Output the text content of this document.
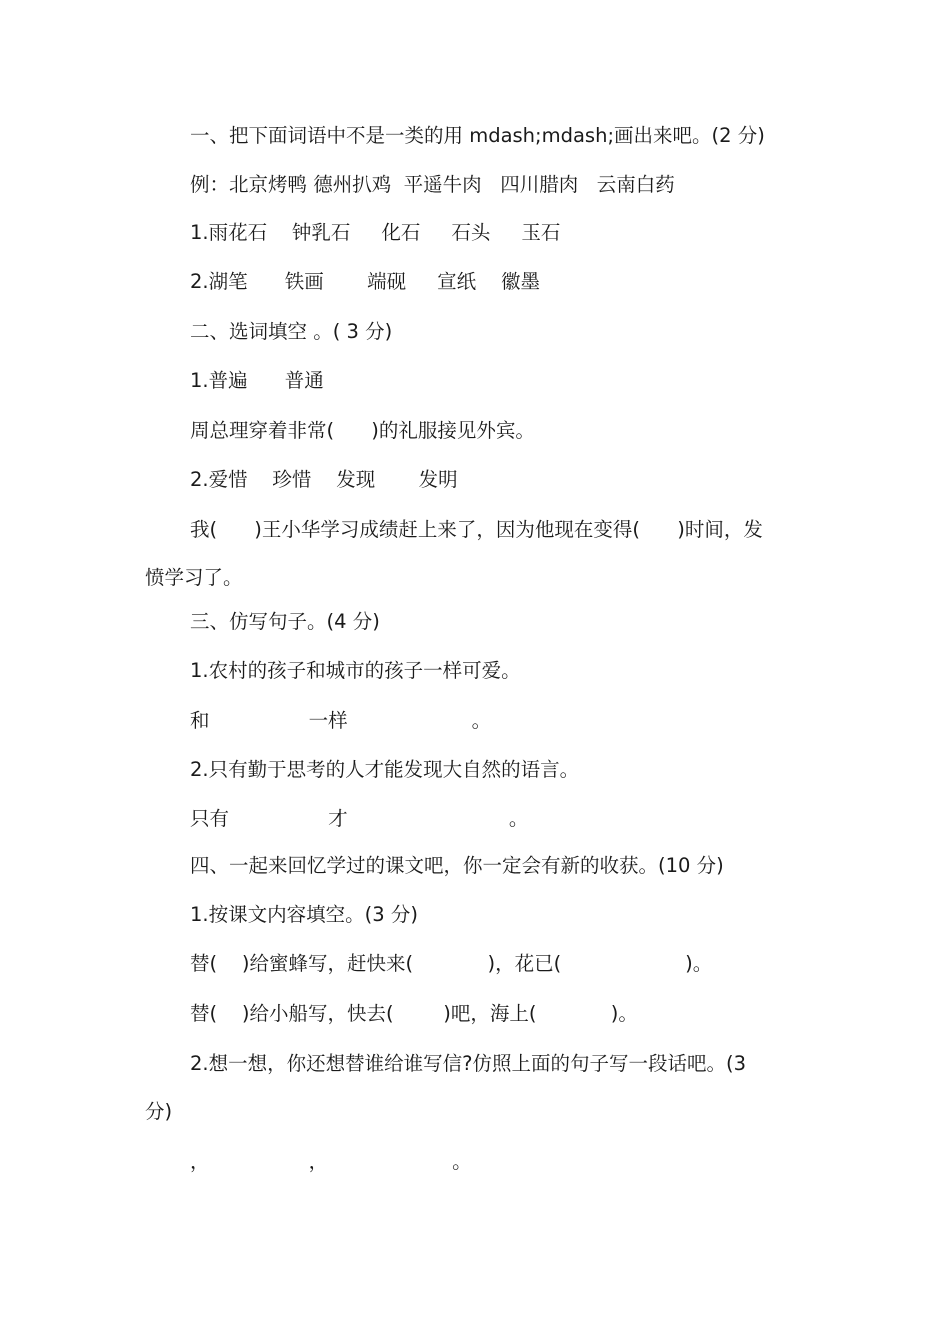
一、把下面词语中不是一类的用 mdash;mdash;画出来吧。(2 分)

例：北京烤鸭 德州扒鸡  平遥牛肉   四川腊肉   云南白药

1.雨花石    钟乳石     化石     石头     玉石

2.湖笔      铁画       端砚     宣纸    徽墨

二、选词填空 。( 3 分)

1.普遍      普通

周总理穿着非常(      )的礼服接见外宾。

2.爱惜    珍惜    发现       发明

我(      )王小华学习成绩赶上来了，因为他现在变得(      )时间，发

愤学习了。

三、仿写句子。(4 分)

1.农村的孩子和城市的孩子一样可爱。

和                一样                    。

2.只有勤于思考的人才能发现大自然的语言。

只有                才                          。

四、一起来回忆学过的课文吧，你一定会有新的收获。(10 分)

1.按课文内容填空。(3 分)

替(    )给蜜蜂写，赶快来(            )，花已(                    )。

替(    )给小船写，快去(        )吧，海上(            )。

2.想一想，你还想替谁给谁写信?仿照上面的句子写一段话吧。(3

分)

，                ，                    。
